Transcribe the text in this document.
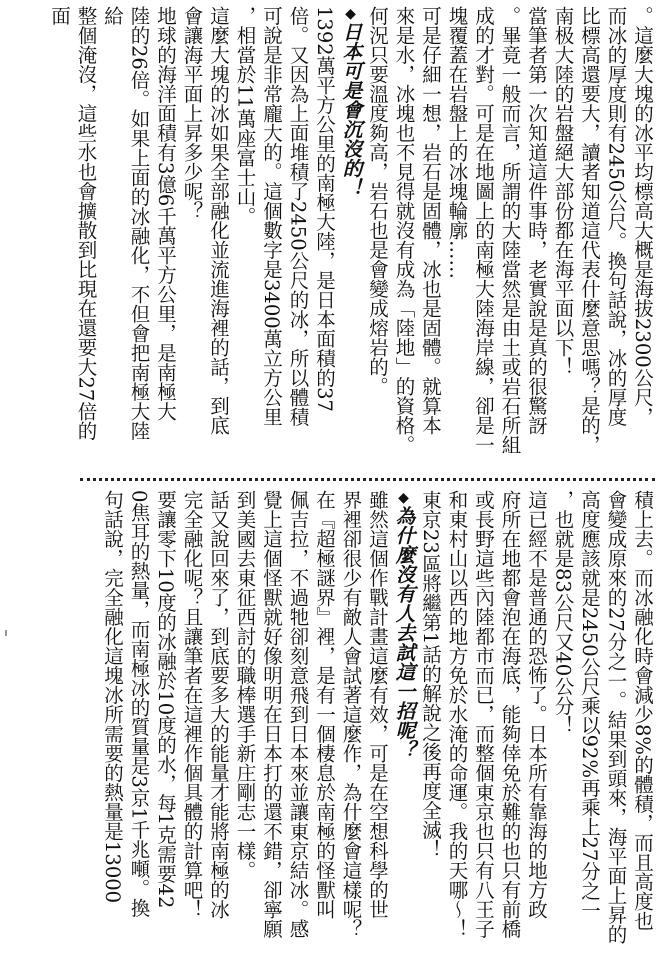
。這麼大塊的冰平均標高大概是海拔2300公尺，

而冰的厚度則有2450公尺。換句話說，冰的厚度

比標高還要大，讀者知道這代表什麼意思嗎？是的，

南极大陸的岩盤絕大部份都在海平面以下！

當筆者第一次知道這件事時，老實說是真的很驚訝

。畢竟一般而言，所謂的大陸當然是由土或岩石所組

成的才對。可是在地圖上的南極大陸海岸線，卻是一

塊覆蓋在岩盤上的冰塊輪廓……

可是仔細一想，岩石是固體，冰也是固體。就算本

來是水，冰塊也不見得就沒有成為「陸地」的資格。

何況只要溫度夠高，岩石也是會變成熔岩的。

◆日本可是會沉沒的！

1392萬平方公里的南極大陸，是日本面積的37

倍。又因為上面堆積了2450公尺的冰，所以體積

可說是非常龐大的。這個數字是3400萬立方公里

，相當於11萬座富士山。

這麼大塊的冰如果全部融化並流進海裡的話，到底

會讓海平面上昇多少呢？

地球的海洋面積有3億6千萬平方公里，是南極大

陸的26倍。如果上面的冰融化，不但會把南極大陸給

整個淹沒，這些水也會擴散到比現在還要大27倍的面

積上去。而冰融化時會減少8%的體積，而且高度也

會變成原來的27分之一。結果到頭來，海平面上昇的

高度應該就是2450公尺乘以92%再乘上27分之一

，也就是83公尺又40公分！

這已經不是普通的恐怖了。日本所有靠海的地方政

府所在地都會泡在海底，能夠倖免於難的也只有前橋

或長野這些內陸都市而已，而整個東京也只有八王子

和東村山以西的地方免於水淹的命運。我的天哪～！

東京23區將繼第1話的解說之後再度全滅！

◆為什麼沒有人去試這一招呢？

雖然這個作戰計畫這麼有效，可是在空想科學的世

界裡卻很少有敵人會試著這麼作，為什麼會這樣呢？

在『超極謎界』裡，是有一個棲息於南極的怪獸叫

佩吉拉，不過牠卻刻意飛到日本來並讓東京結冰。感

覺上這個怪獸就好像明明在日本打的還不錯，卻寧願

到美國去東征西討的職棒選手新庄剛志一樣。

話又說回來了，到底要多大的能量才能將南極的冰

完全融化呢？且讓筆者在這裡作個具體的計算吧！

要讓零下10度的冰融於10度的水，每1克需要42

0焦耳的熱量，而南極冰的質量是3京1千兆噸。換

句話說，完全融化這塊冰所需要的熱量是13000
